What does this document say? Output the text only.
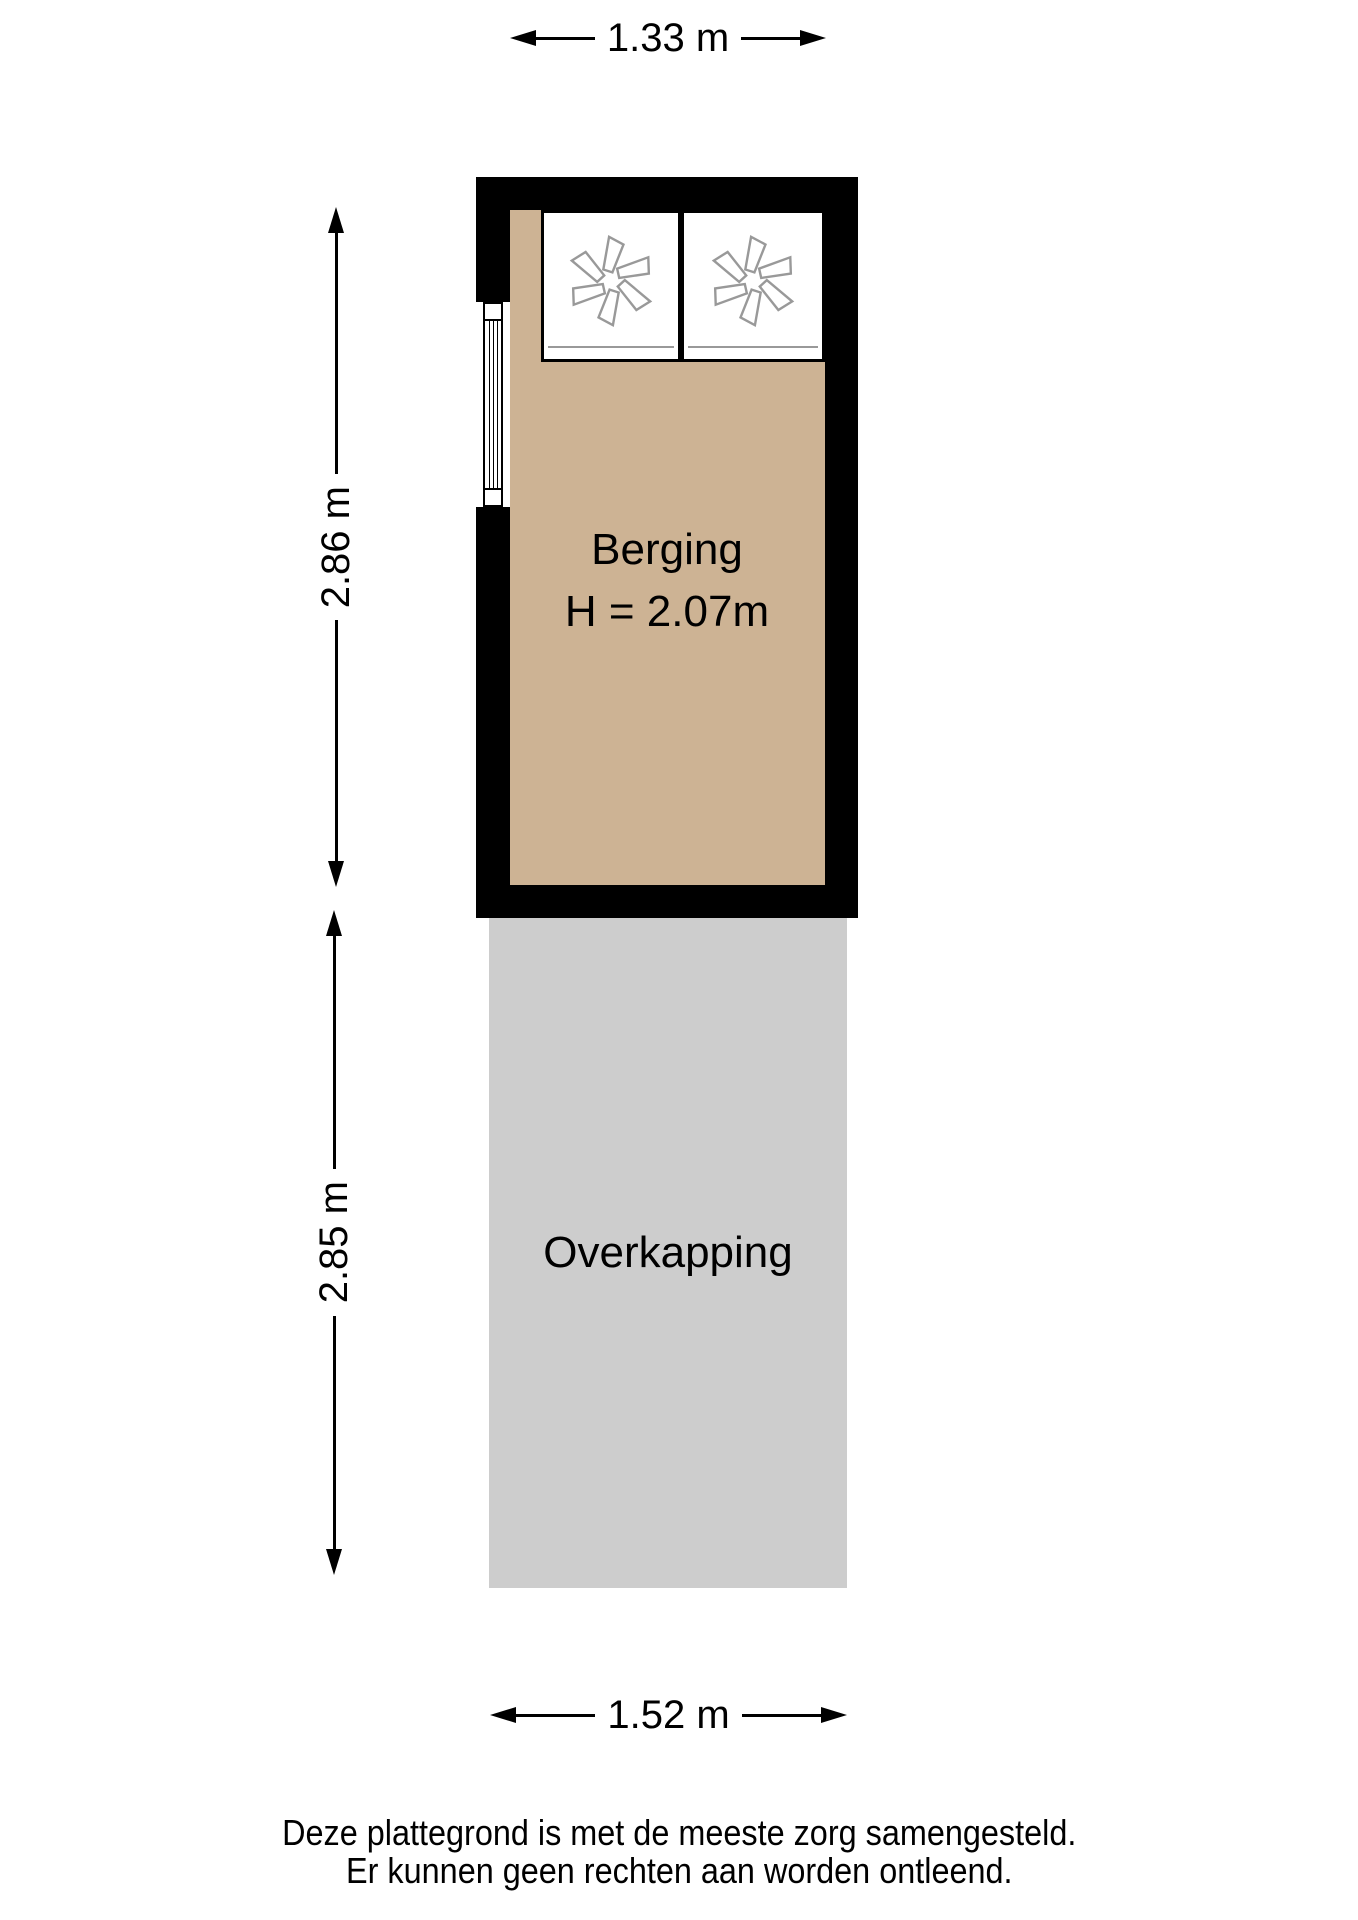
1.33 m
2.86 m
2.85 m
Berging
H = 2.07m
Overkapping
1.52 m
Deze plattegrond is met de meeste zorg samengesteld.
Er kunnen geen rechten aan worden ontleend.
